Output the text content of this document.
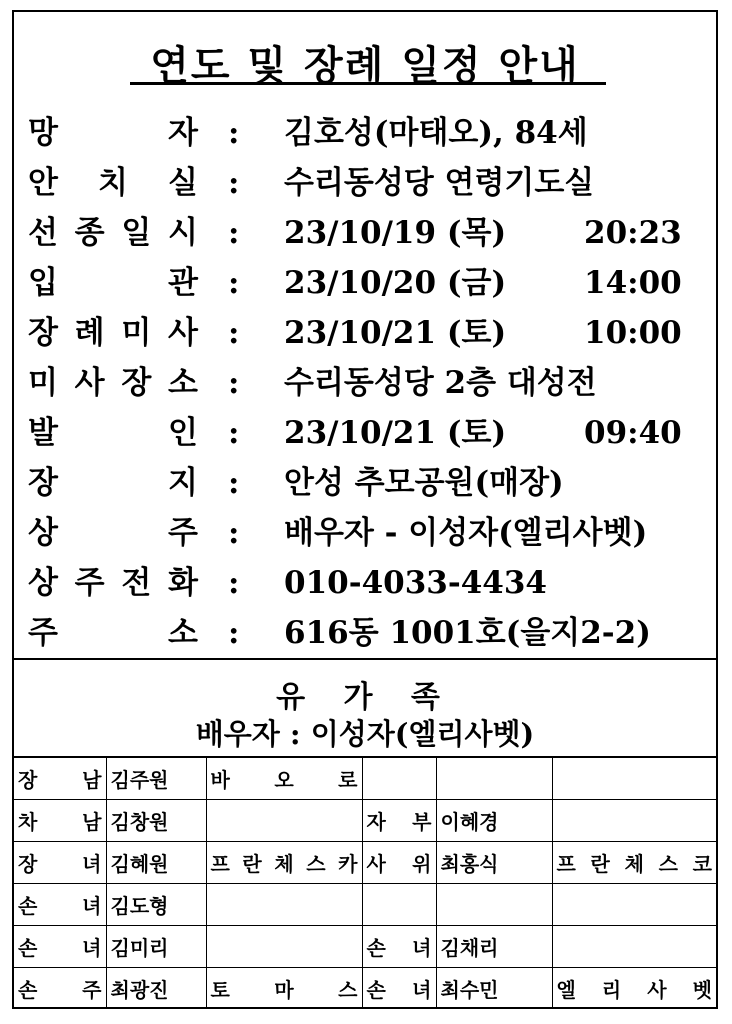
연도 및 장례 일정 안내
망	자 : 김호성(마태오), 84세
안 치 실 : 수리동성당 연령기도실
선 종 일 시 : 23/10/19 (목)	20:23
입	관 : 23/10/20 (금)	14:00
장 례 미 사 : 23/10/21 (토)	10:00
미 사 장 소 : 수리동성당 2층 대성전
발	인 : 23/10/21 (토)	09:40
장	지 : 안성 추모공원(매장)
상	주 : 배우자 - 이성자(엘리사벳)
상 주 전 화 : 010-4033-4434
주	소 : 616동 1001호(을지2-2)
유 가 족
배우자 : 이성자(엘리사벳)
장 남	김주원	바 오 로			

차 남	김창원		자 부	이혜경	

장 녀	김혜원	프 란 체 스 카	사 위	최홍식	프 란 체 스 코

손 녀	김도형	

손 녀	김미리		손 녀	김채리	

손 주	최광진	토 마 스	손 녀	최수민	엘 리 사 벳
